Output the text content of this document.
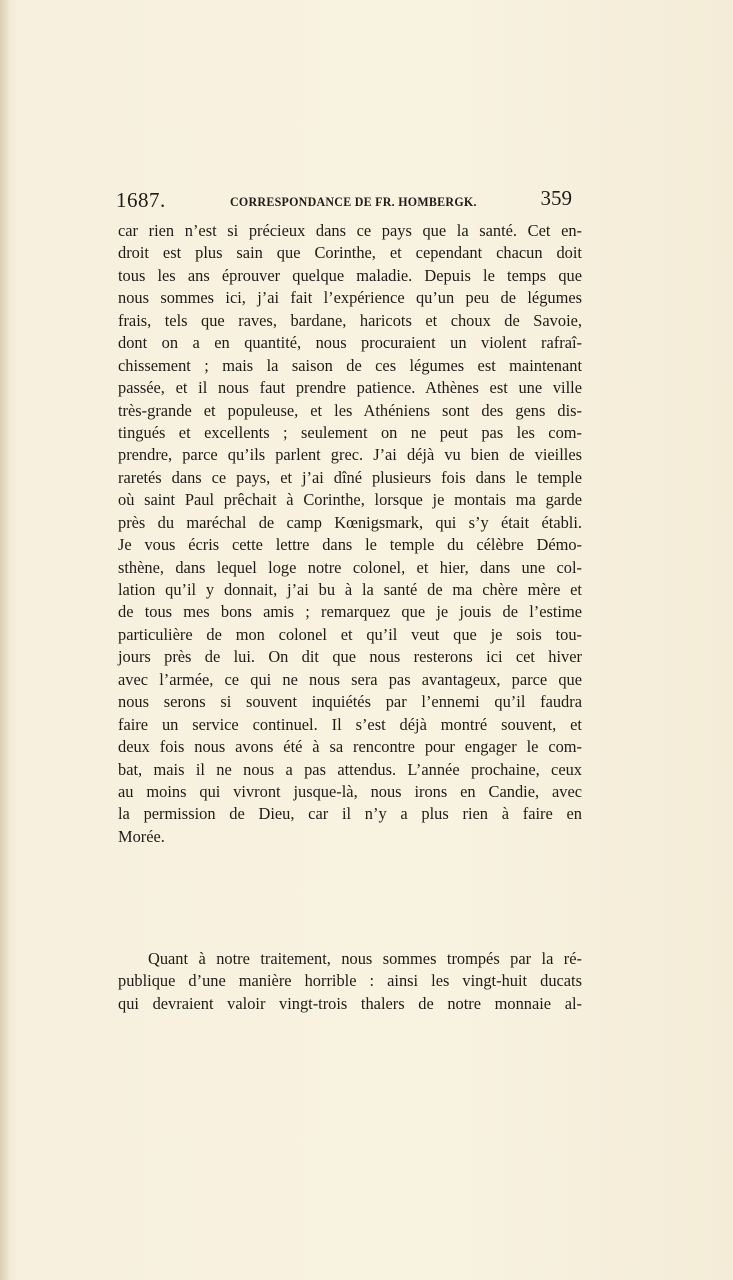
1687.	CORRESPONDANCE DE FR. HOMBERGK.	359
car rien n’est si précieux dans ce pays que la santé. Cet en-
droit est plus sain que Corinthe, et cependant chacun doit
tous les ans éprouver quelque maladie. Depuis le temps que
nous sommes ici, j’ai fait l’expérience qu’un peu de légumes
frais, tels que raves, bardane, haricots et choux de Savoie,
dont on a en quantité, nous procuraient un violent rafraî-
chissement ; mais la saison de ces légumes est maintenant
passée, et il nous faut prendre patience. Athènes est une ville
très-grande et populeuse, et les Athéniens sont des gens dis-
tingués et excellents ; seulement on ne peut pas les com-
prendre, parce qu’ils parlent grec. J’ai déjà vu bien de vieilles
raretés dans ce pays, et j’ai dîné plusieurs fois dans le temple
où saint Paul prêchait à Corinthe, lorsque je montais ma garde
près du maréchal de camp Kœnigsmark, qui s’y était établi.
Je vous écris cette lettre dans le temple du célèbre Démo-
sthène, dans lequel loge notre colonel, et hier, dans une col-
lation qu’il y donnait, j’ai bu à la santé de ma chère mère et
de tous mes bons amis ; remarquez que je jouis de l’estime
particulière de mon colonel et qu’il veut que je sois tou-
jours près de lui. On dit que nous resterons ici cet hiver
avec l’armée, ce qui ne nous sera pas avantageux, parce que
nous serons si souvent inquiétés par l’ennemi qu’il faudra
faire un service continuel. Il s’est déjà montré souvent, et
deux fois nous avons été à sa rencontre pour engager le com-
bat, mais il ne nous a pas attendus. L’année prochaine, ceux
au moins qui vivront jusque-là, nous irons en Candie, avec
la permission de Dieu, car il n’y a plus rien à faire en
Morée.
Quant à notre traitement, nous sommes trompés par la ré-
publique d’une manière horrible : ainsi les vingt-huit ducats
qui devraient valoir vingt-trois thalers de notre monnaie al-
